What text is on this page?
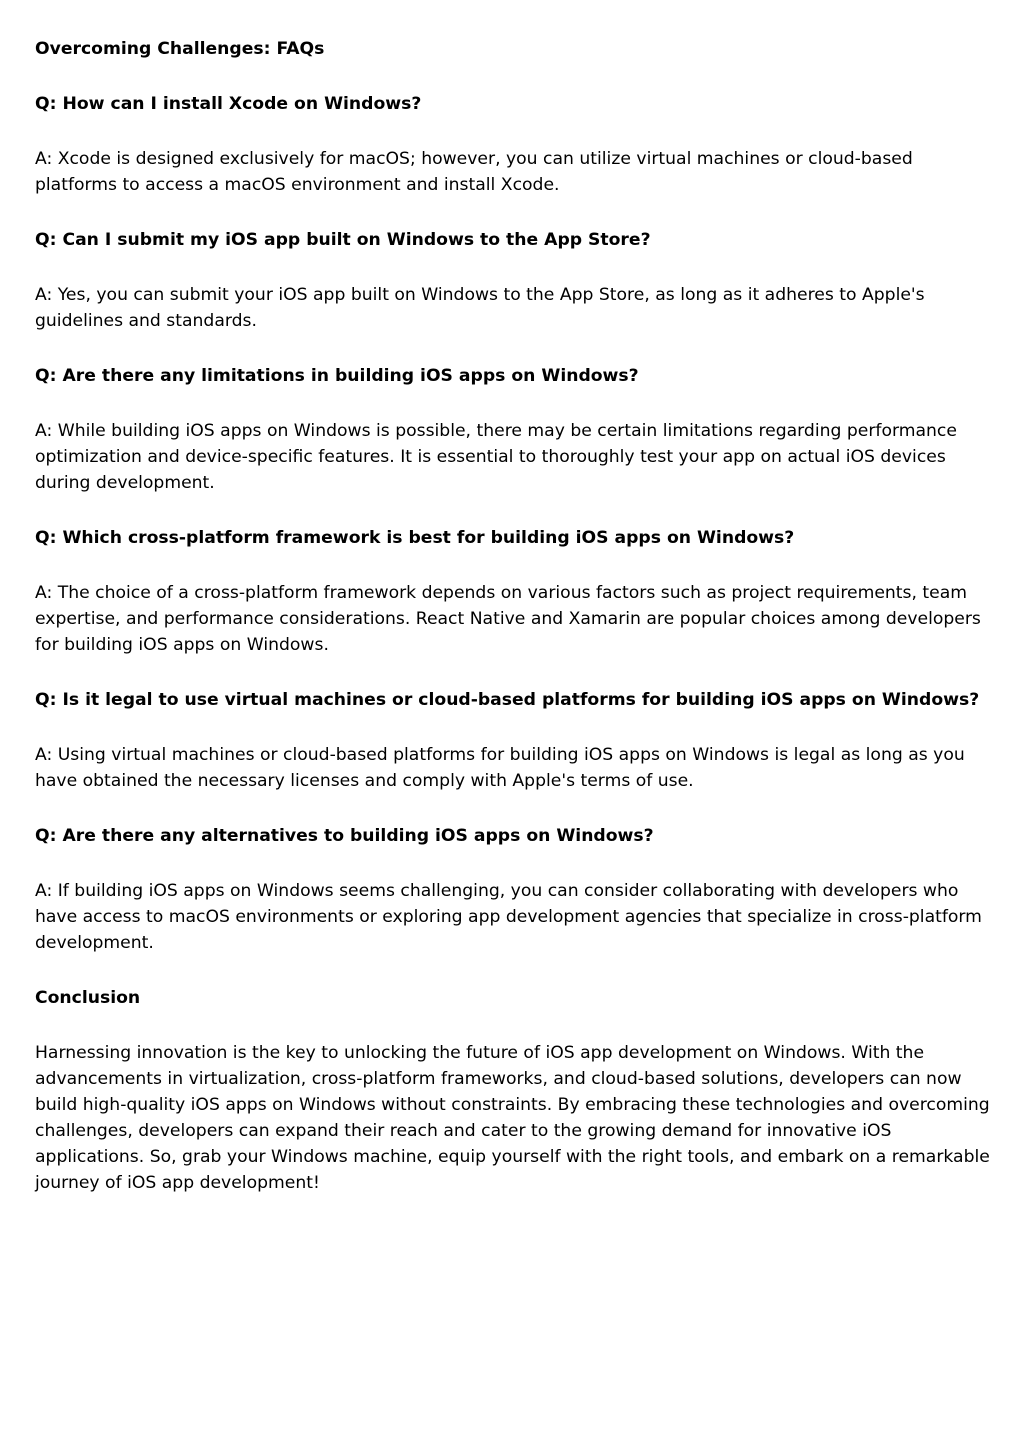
Overcoming Challenges: FAQs

Q: How can I install Xcode on Windows?

A: Xcode is designed exclusively for macOS; however, you can utilize virtual machines or cloud-based platforms to access a macOS environment and install Xcode.

Q: Can I submit my iOS app built on Windows to the App Store?

A: Yes, you can submit your iOS app built on Windows to the App Store, as long as it adheres to Apple's guidelines and standards.

Q: Are there any limitations in building iOS apps on Windows?

A: While building iOS apps on Windows is possible, there may be certain limitations regarding performance optimization and device-specific features. It is essential to thoroughly test your app on actual iOS devices during development.

Q: Which cross-platform framework is best for building iOS apps on Windows?

A: The choice of a cross-platform framework depends on various factors such as project requirements, team expertise, and performance considerations. React Native and Xamarin are popular choices among developers for building iOS apps on Windows.

Q: Is it legal to use virtual machines or cloud-based platforms for building iOS apps on Windows?

A: Using virtual machines or cloud-based platforms for building iOS apps on Windows is legal as long as you have obtained the necessary licenses and comply with Apple's terms of use.

Q: Are there any alternatives to building iOS apps on Windows?

A: If building iOS apps on Windows seems challenging, you can consider collaborating with developers who have access to macOS environments or exploring app development agencies that specialize in cross-platform development.

Conclusion

Harnessing innovation is the key to unlocking the future of iOS app development on Windows. With the advancements in virtualization, cross-platform frameworks, and cloud-based solutions, developers can now build high-quality iOS apps on Windows without constraints. By embracing these technologies and overcoming challenges, developers can expand their reach and cater to the growing demand for innovative iOS applications. So, grab your Windows machine, equip yourself with the right tools, and embark on a remarkable journey of iOS app development!
